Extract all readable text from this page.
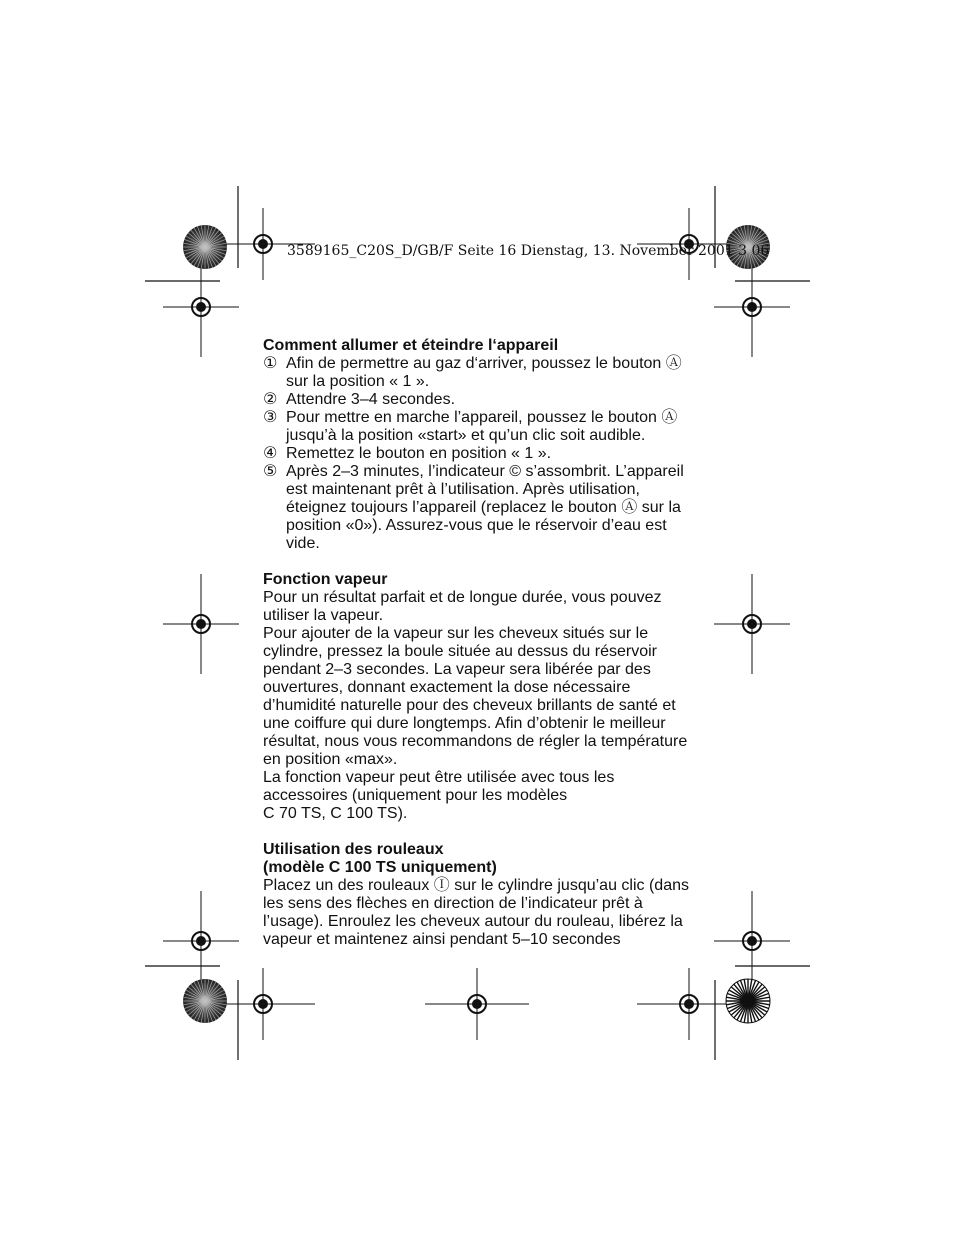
3589165_C20S_D/GB/F Seite 16 Dienstag, 13. November 2001 3 06
Comment allumer et éteindre l‘appareil
① Afin de permettre au gaz d‘arriver, poussez le bouton Ⓐ sur la position « 1 ».
② Attendre 3–4 secondes.
③ Pour mettre en marche l’appareil, poussez le bouton Ⓐ jusqu’à la position «start» et qu’un clic soit audible.
④ Remettez le bouton en position « 1 ».
⑤ Après 2–3 minutes, l’indicateur © s’assombrit. L’appareil est maintenant prêt à l’utilisation. Après utilisation, éteignez toujours l’appareil (replacez le bouton Ⓐ sur la position «0»). Assurez-vous que le réservoir d’eau est vide.
Fonction vapeur

Pour un résultat parfait et de longue durée, vous pouvez utiliser la vapeur.

Pour ajouter de la vapeur sur les cheveux situés sur le cylindre, pressez la boule située au dessus du réservoir pendant 2–3 secondes. La vapeur sera libérée par des ouvertures, donnant exactement la dose nécessaire d’humidité naturelle pour des cheveux brillants de santé et une coiffure qui dure longtemps. Afin d’obtenir le meilleur résultat, nous vous recommandons de régler la température en position «max».

La fonction vapeur peut être utilisée avec tous les accessoires (uniquement pour les modèles

C 70 TS, C 100 TS).

Utilisation des rouleaux
(modèle C 100 TS uniquement)

Placez un des rouleaux Ⓘ sur le cylindre jusqu’au clic (dans les sens des flèches en direction de l’indicateur prêt à l’usage). Enroulez les cheveux autour du rouleau, libérez la vapeur et maintenez ainsi pendant 5–10 secondes
